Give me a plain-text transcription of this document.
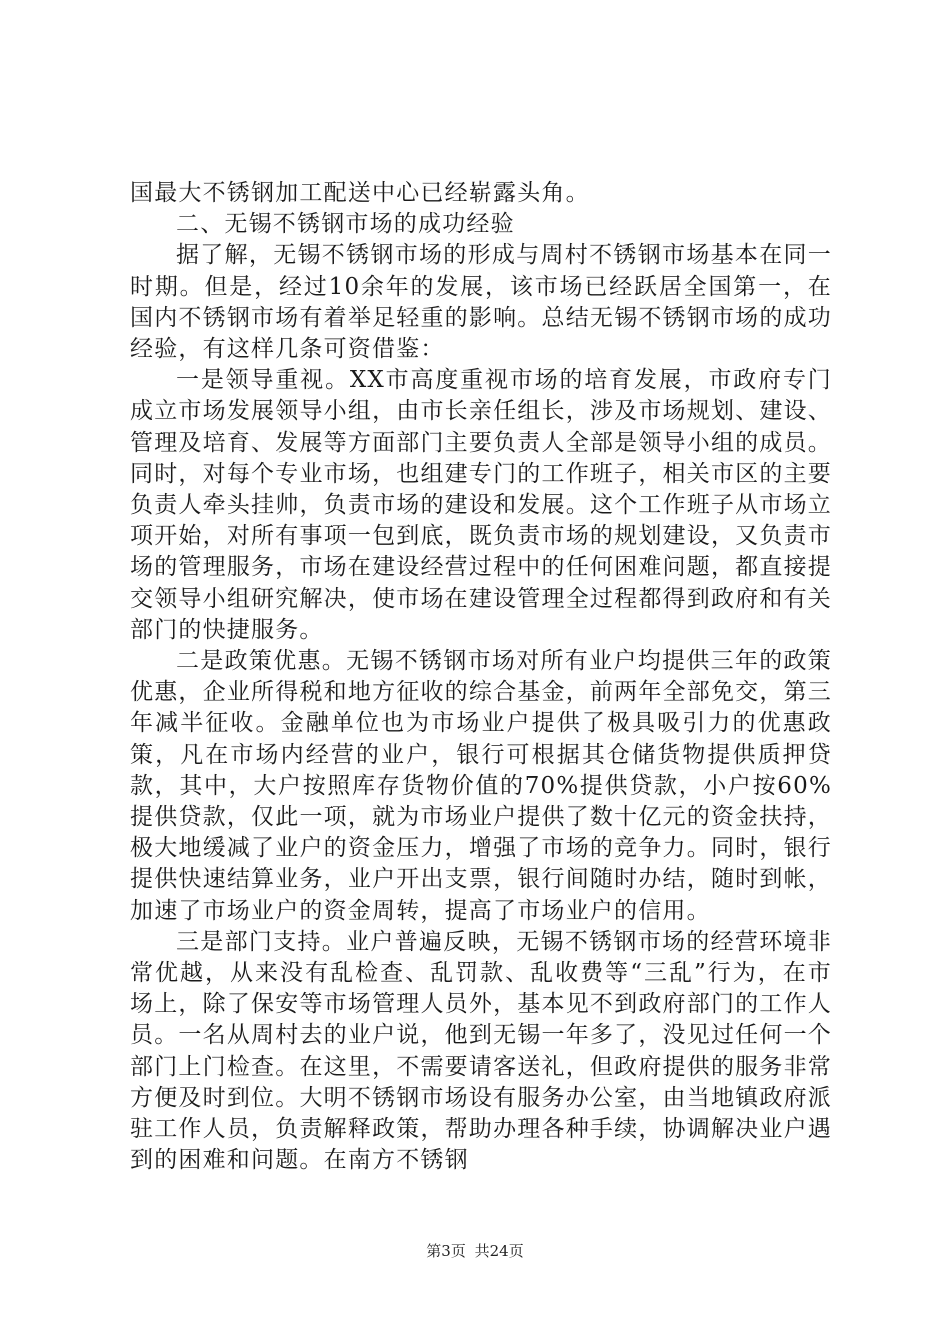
国最大不锈钢加工配送中心已经崭露头角。

二、无锡不锈钢市场的成功经验

据了解，无锡不锈钢市场的形成与周村不锈钢市场基本在同一时期。但是，经过10余年的发展，该市场已经跃居全国第一，在国内不锈钢市场有着举足轻重的影响。总结无锡不锈钢市场的成功经验，有这样几条可资借鉴：

一是领导重视。XX市高度重视市场的培育发展，市政府专门成立市场发展领导小组，由市长亲任组长，涉及市场规划、建设、管理及培育、发展等方面部门主要负责人全部是领导小组的成员。同时，对每个专业市场，也组建专门的工作班子，相关市区的主要负责人牵头挂帅，负责市场的建设和发展。这个工作班子从市场立项开始，对所有事项一包到底，既负责市场的规划建设，又负责市场的管理服务，市场在建设经营过程中的任何困难问题，都直接提交领导小组研究解决，使市场在建设管理全过程都得到政府和有关部门的快捷服务。

二是政策优惠。无锡不锈钢市场对所有业户均提供三年的政策优惠，企业所得税和地方征收的综合基金，前两年全部免交，第三年减半征收。金融单位也为市场业户提供了极具吸引力的优惠政策，凡在市场内经营的业户，银行可根据其仓储货物提供质押贷款，其中，大户按照库存货物价值的70%提供贷款，小户按60%提供贷款，仅此一项，就为市场业户提供了数十亿元的资金扶持，极大地缓减了业户的资金压力，增强了市场的竞争力。同时，银行提供快速结算业务，业户开出支票，银行间随时办结，随时到帐，加速了市场业户的资金周转，提高了市场业户的信用。

三是部门支持。业户普遍反映，无锡不锈钢市场的经营环境非常优越，从来没有乱检查、乱罚款、乱收费等“三乱”行为，在市场上，除了保安等市场管理人员外，基本见不到政府部门的工作人员。一名从周村去的业户说，他到无锡一年多了，没见过任何一个部门上门检查。在这里，不需要请客送礼，但政府提供的服务非常方便及时到位。大明不锈钢市场设有服务办公室，由当地镇政府派驻工作人员，负责解释政策，帮助办理各种手续，协调解决业户遇到的困难和问题。在南方不锈钢

第3页 共24页
